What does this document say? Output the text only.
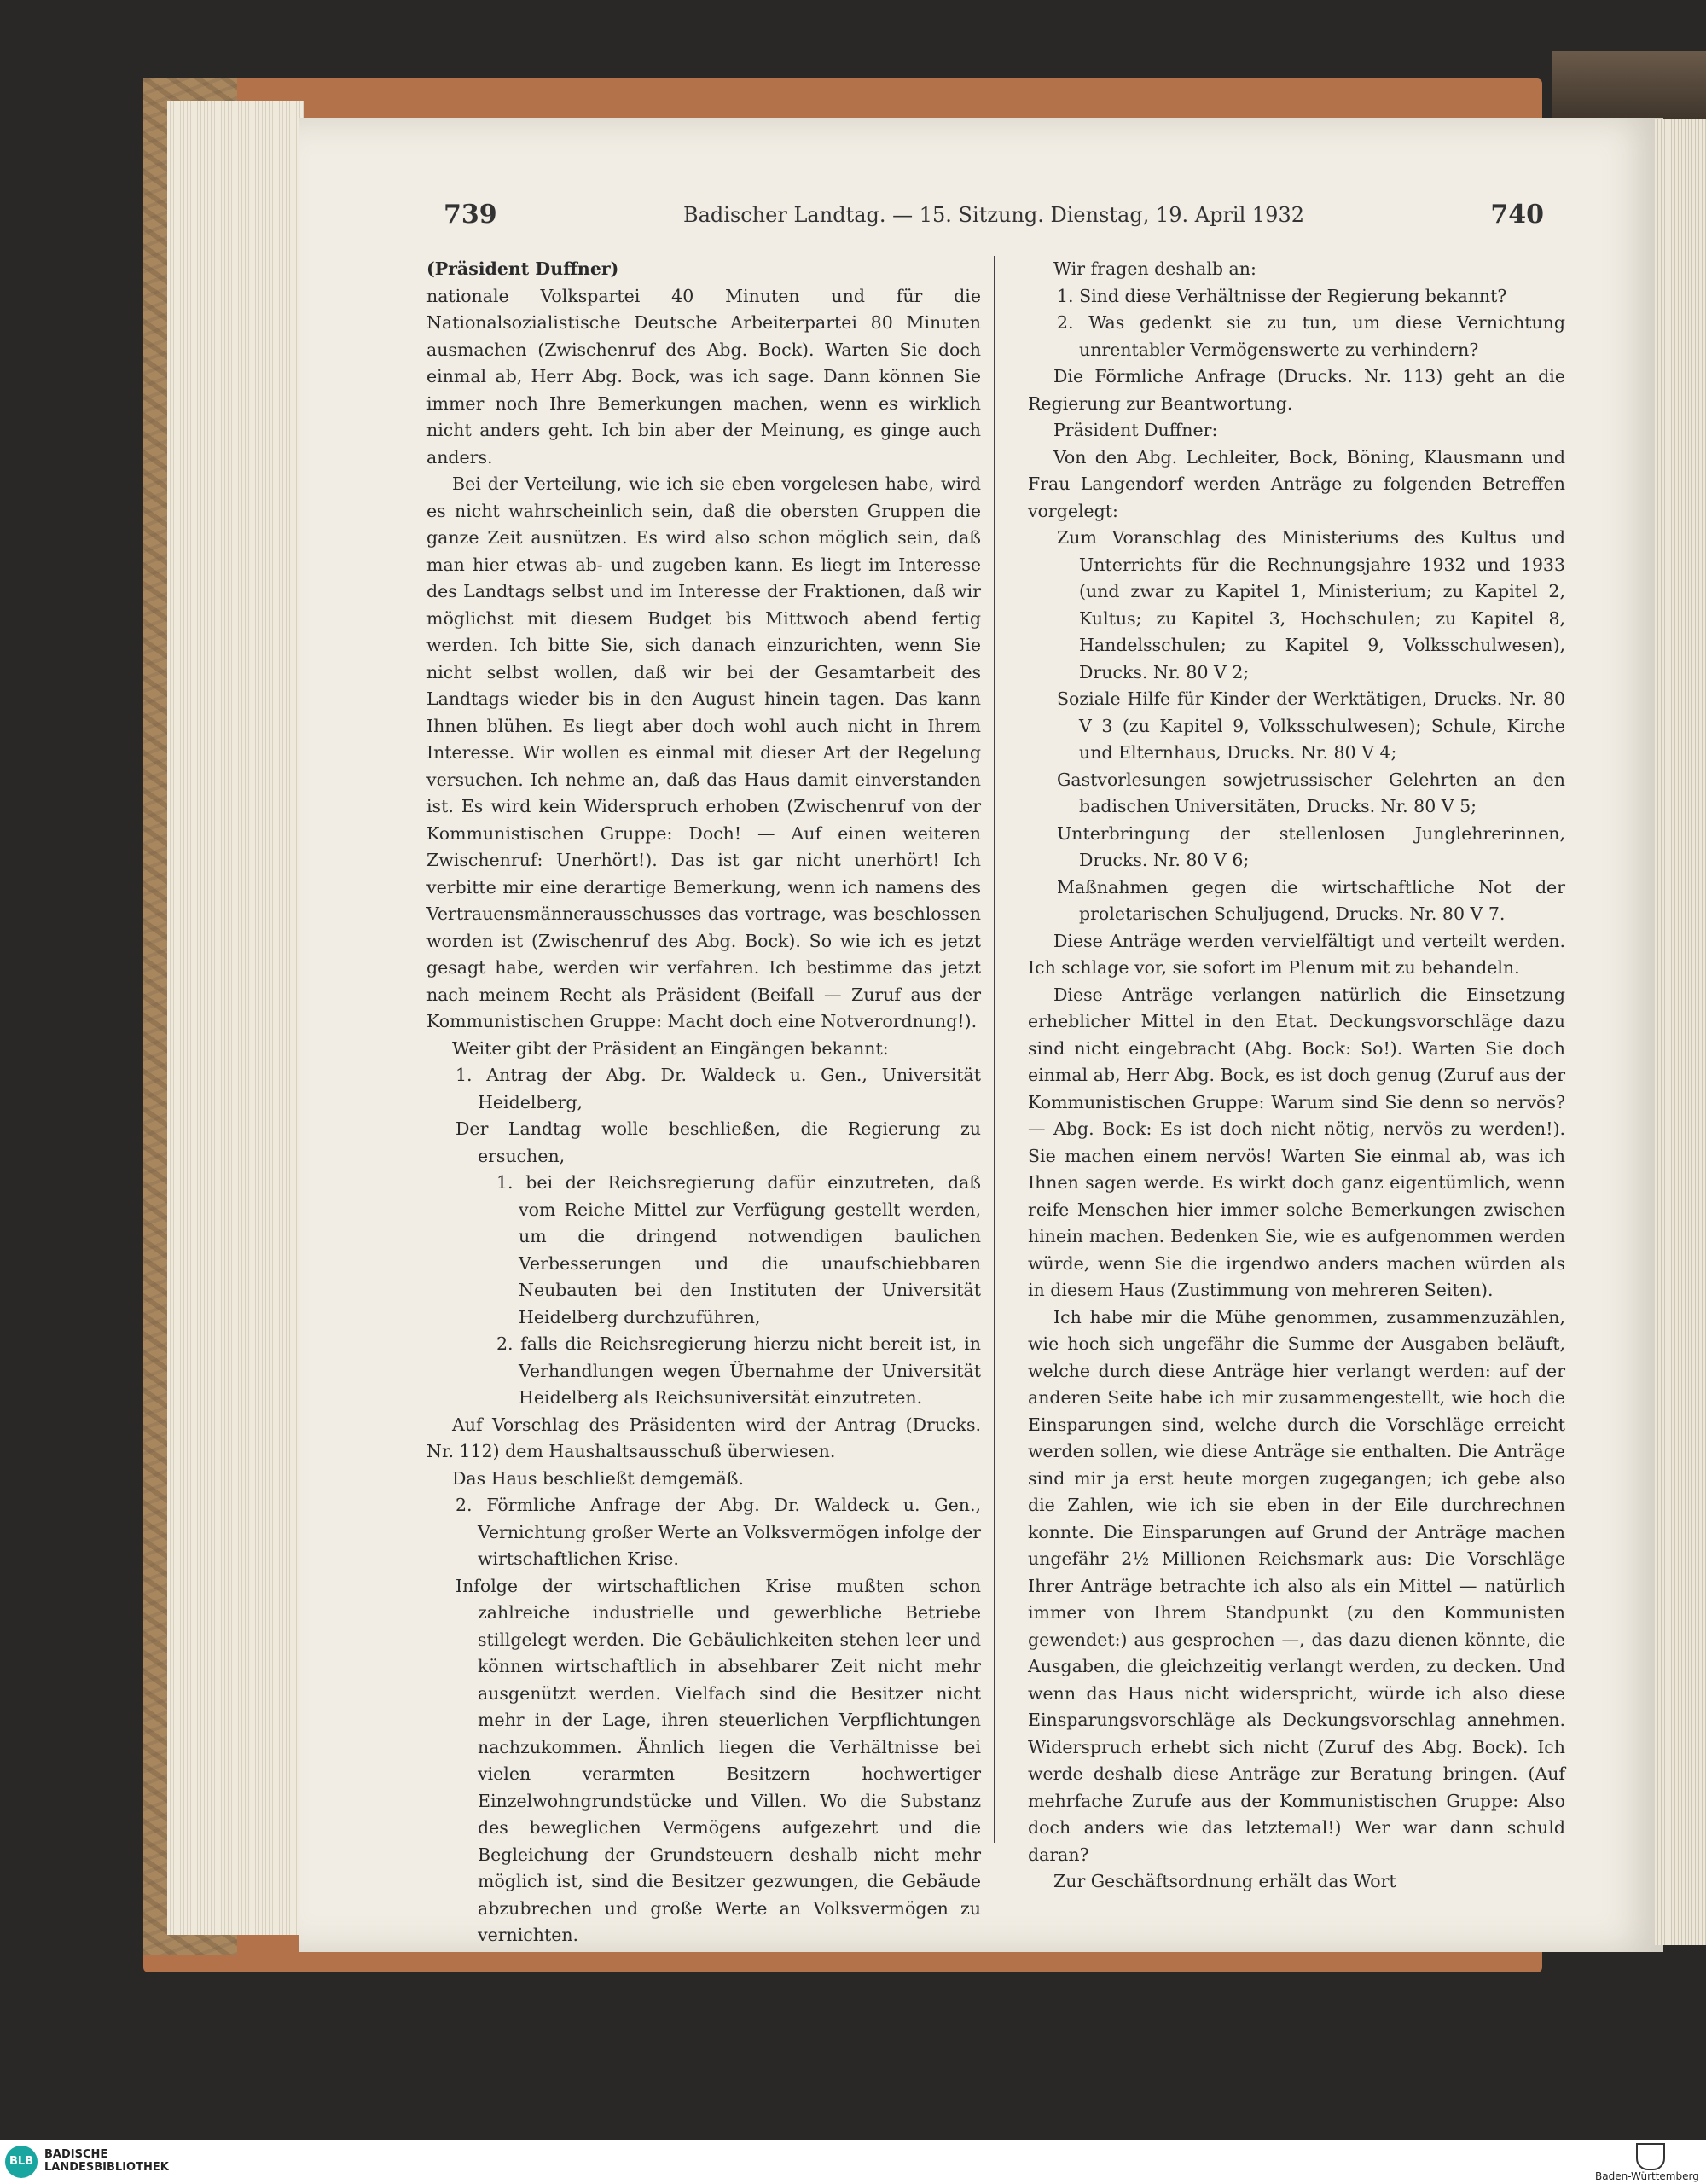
739	Badischer Landtag. — 15. Sitzung. Dienstag, 19. April 1932	740

(Präsident Duffner)

nationale Volkspartei 40 Minuten und für die Nationalsozialistische Deutsche Arbeiterpartei 80 Minuten ausmachen (Zwischenruf des Abg. Bock). Warten Sie doch einmal ab, Herr Abg. Bock, was ich sage. Dann können Sie immer noch Ihre Bemerkungen machen, wenn es wirklich nicht anders geht. Ich bin aber der Meinung, es ginge auch anders.

Bei der Verteilung, wie ich sie eben vorgelesen habe, wird es nicht wahrscheinlich sein, daß die obersten Gruppen die ganze Zeit ausnützen. Es wird also schon möglich sein, daß man hier etwas ab- und zugeben kann. Es liegt im Interesse des Landtags selbst und im Interesse der Fraktionen, daß wir möglichst mit diesem Budget bis Mittwoch abend fertig werden. Ich bitte Sie, sich danach einzurichten, wenn Sie nicht selbst wollen, daß wir bei der Gesamtarbeit des Landtags wieder bis in den August hinein tagen. Das kann Ihnen blühen. Es liegt aber doch wohl auch nicht in Ihrem Interesse. Wir wollen es einmal mit dieser Art der Regelung versuchen. Ich nehme an, daß das Haus damit einverstanden ist. Es wird kein Widerspruch erhoben (Zwischenruf von der Kommunistischen Gruppe: Doch! — Auf einen weiteren Zwischenruf: Unerhört!). Das ist gar nicht unerhört! Ich verbitte mir eine derartige Bemerkung, wenn ich namens des Vertrauensmännerausschusses das vortrage, was beschlossen worden ist (Zwischenruf des Abg. Bock). So wie ich es jetzt gesagt habe, werden wir verfahren. Ich bestimme das jetzt nach meinem Recht als Präsident (Beifall — Zuruf aus der Kommunistischen Gruppe: Macht doch eine Notverordnung!).

Weiter gibt der Präsident an Eingängen bekannt:

1. Antrag der Abg. Dr. Waldeck u. Gen., Universität Heidelberg,

Der Landtag wolle beschließen, die Regierung zu ersuchen,

1. bei der Reichsregierung dafür einzutreten, daß vom Reiche Mittel zur Verfügung gestellt werden, um die dringend notwendigen baulichen Verbesserungen und die unaufschiebbaren Neubauten bei den Instituten der Universität Heidelberg durchzuführen,

2. falls die Reichsregierung hierzu nicht bereit ist, in Verhandlungen wegen Übernahme der Universität Heidelberg als Reichsuniversität einzutreten.

Auf Vorschlag des Präsidenten wird der Antrag (Drucks. Nr. 112) dem Haushaltsausschuß überwiesen.

Das Haus beschließt demgemäß.

2. Förmliche Anfrage der Abg. Dr. Waldeck u. Gen., Vernichtung großer Werte an Volksvermögen infolge der wirtschaftlichen Krise.

Infolge der wirtschaftlichen Krise mußten schon zahlreiche industrielle und gewerbliche Betriebe stillgelegt werden. Die Gebäulichkeiten stehen leer und können wirtschaftlich in absehbarer Zeit nicht mehr ausgenützt werden. Vielfach sind die Besitzer nicht mehr in der Lage, ihren steuerlichen Verpflichtungen nachzukommen. Ähnlich liegen die Verhältnisse bei vielen verarmten Besitzern hochwertiger Einzelwohngrundstücke und Villen. Wo die Substanz des beweglichen Vermögens aufgezehrt und die Begleichung der Grundsteuern deshalb nicht mehr möglich ist, sind die Besitzer gezwungen, die Gebäude abzubrechen und große Werte an Volksvermögen zu vernichten.

Wir fragen deshalb an:

1. Sind diese Verhältnisse der Regierung bekannt?

2. Was gedenkt sie zu tun, um diese Vernichtung unrentabler Vermögenswerte zu verhindern?

Die Förmliche Anfrage (Drucks. Nr. 113) geht an die Regierung zur Beantwortung.

Präsident Duffner:

Von den Abg. Lechleiter, Bock, Böning, Klausmann und Frau Langendorf werden Anträge zu folgenden Betreffen vorgelegt:

Zum Voranschlag des Ministeriums des Kultus und Unterrichts für die Rechnungsjahre 1932 und 1933 (und zwar zu Kapitel 1, Ministerium; zu Kapitel 2, Kultus; zu Kapitel 3, Hochschulen; zu Kapitel 8, Handelsschulen; zu Kapitel 9, Volksschulwesen), Drucks. Nr. 80 V 2;

Soziale Hilfe für Kinder der Werktätigen, Drucks. Nr. 80 V 3 (zu Kapitel 9, Volksschulwesen); Schule, Kirche und Elternhaus, Drucks. Nr. 80 V 4;

Gastvorlesungen sowjetrussischer Gelehrten an den badischen Universitäten, Drucks. Nr. 80 V 5;

Unterbringung der stellenlosen Junglehrerinnen, Drucks. Nr. 80 V 6;

Maßnahmen gegen die wirtschaftliche Not der proletarischen Schuljugend, Drucks. Nr. 80 V 7.

Diese Anträge werden vervielfältigt und verteilt werden. Ich schlage vor, sie sofort im Plenum mit zu behandeln.

Diese Anträge verlangen natürlich die Einsetzung erheblicher Mittel in den Etat. Deckungsvorschläge dazu sind nicht eingebracht (Abg. Bock: So!). Warten Sie doch einmal ab, Herr Abg. Bock, es ist doch genug (Zuruf aus der Kommunistischen Gruppe: Warum sind Sie denn so nervös? — Abg. Bock: Es ist doch nicht nötig, nervös zu werden!). Sie machen einem nervös! Warten Sie einmal ab, was ich Ihnen sagen werde. Es wirkt doch ganz eigentümlich, wenn reife Menschen hier immer solche Bemerkungen zwischen hinein machen. Bedenken Sie, wie es aufgenommen werden würde, wenn Sie die irgendwo anders machen würden als in diesem Haus (Zustimmung von mehreren Seiten).

Ich habe mir die Mühe genommen, zusammenzuzählen, wie hoch sich ungefähr die Summe der Ausgaben beläuft, welche durch diese Anträge hier verlangt werden: auf der anderen Seite habe ich mir zusammengestellt, wie hoch die Einsparungen sind, welche durch die Vorschläge erreicht werden sollen, wie diese Anträge sie enthalten. Die Anträge sind mir ja erst heute morgen zugegangen; ich gebe also die Zahlen, wie ich sie eben in der Eile durchrechnen konnte. Die Einsparungen auf Grund der Anträge machen ungefähr 2½ Millionen Reichsmark aus: Die Vorschläge Ihrer Anträge betrachte ich also als ein Mittel — natürlich immer von Ihrem Standpunkt (zu den Kommunisten gewendet:) aus gesprochen —, das dazu dienen könnte, die Ausgaben, die gleichzeitig verlangt werden, zu decken. Und wenn das Haus nicht widerspricht, würde ich also diese Einsparungsvorschläge als Deckungsvorschlag annehmen. Widerspruch erhebt sich nicht (Zuruf des Abg. Bock). Ich werde deshalb diese Anträge zur Beratung bringen. (Auf mehrfache Zurufe aus der Kommunistischen Gruppe: Also doch anders wie das letztemal!) Wer war dann schuld daran?

Zur Geschäftsordnung erhält das Wort

BLB
BADISCHE
LANDESBIBLIOTHEK
Baden-Württemberg
